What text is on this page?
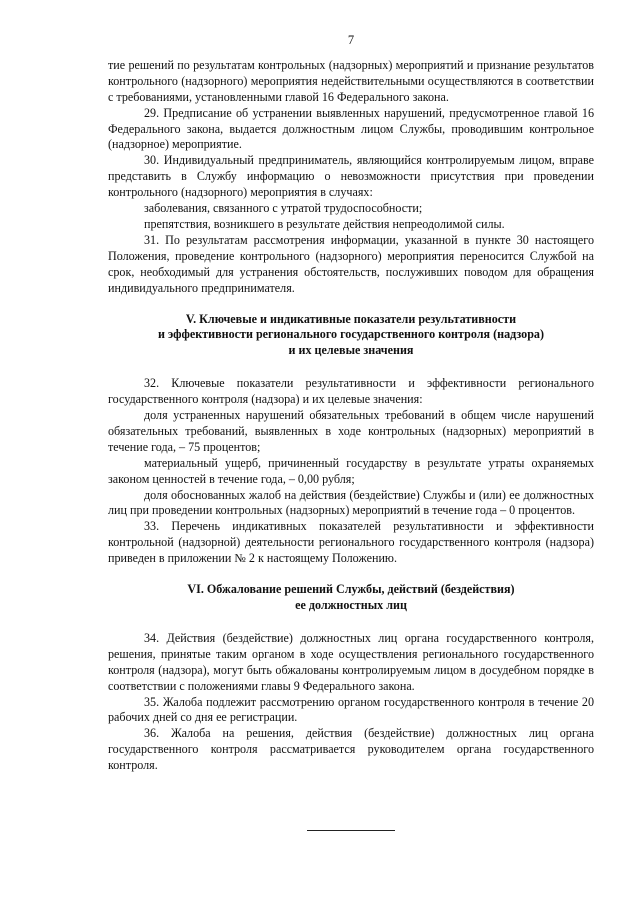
7

тие решений по результатам контрольных (надзорных) мероприятий и признание результатов контрольного (надзорного) мероприятия недействительными осуществляются в соответствии с требованиями, установленными главой 16 Федерального закона.

29. Предписание об устранении выявленных нарушений, предусмотренное главой 16 Федерального закона, выдается должностным лицом Службы, проводившим контрольное (надзорное) мероприятие.

30. Индивидуальный предприниматель, являющийся контролируемым лицом, вправе представить в Службу информацию о невозможности присутствия при проведении контрольного (надзорного) мероприятия в случаях:

заболевания, связанного с утратой трудоспособности;

препятствия, возникшего в результате действия непреодолимой силы.

31. По результатам рассмотрения информации, указанной в пункте 30 настоящего Положения, проведение контрольного (надзорного) мероприятия переносится Службой на срок, необходимый для устранения обстоятельств, послуживших поводом для обращения индивидуального предпринимателя.

V. Ключевые и индикативные показатели результативности

и эффективности регионального государственного контроля (надзора)

и их целевые значения

32. Ключевые показатели результативности и эффективности регионального государственного контроля (надзора) и их целевые значения:

доля устраненных нарушений обязательных требований в общем числе нарушений обязательных требований, выявленных в ходе контрольных (надзорных) мероприятий в течение года, – 75 процентов;

материальный ущерб, причиненный государству в результате утраты охраняемых законом ценностей в течение года, – 0,00 рубля;

доля обоснованных жалоб на действия (бездействие) Службы и (или) ее должностных лиц при проведении контрольных (надзорных) мероприятий в течение года – 0 процентов.

33. Перечень индикативных показателей результативности и эффективности контрольной (надзорной) деятельности регионального государственного контроля (надзора) приведен в приложении № 2 к настоящему Положению.

VI. Обжалование решений Службы, действий (бездействия)

ее должностных лиц

34. Действия (бездействие) должностных лиц органа государственного контроля, решения, принятые таким органом в ходе осуществления регионального государственного контроля (надзора), могут быть обжалованы контролируемым лицом в досудебном порядке в соответствии с положениями главы 9 Федерального закона.

35. Жалоба подлежит рассмотрению органом государственного контроля в течение 20 рабочих дней со дня ее регистрации.

36. Жалоба на решения, действия (бездействие) должностных лиц органа государственного контроля рассматривается руководителем органа государственного контроля.
